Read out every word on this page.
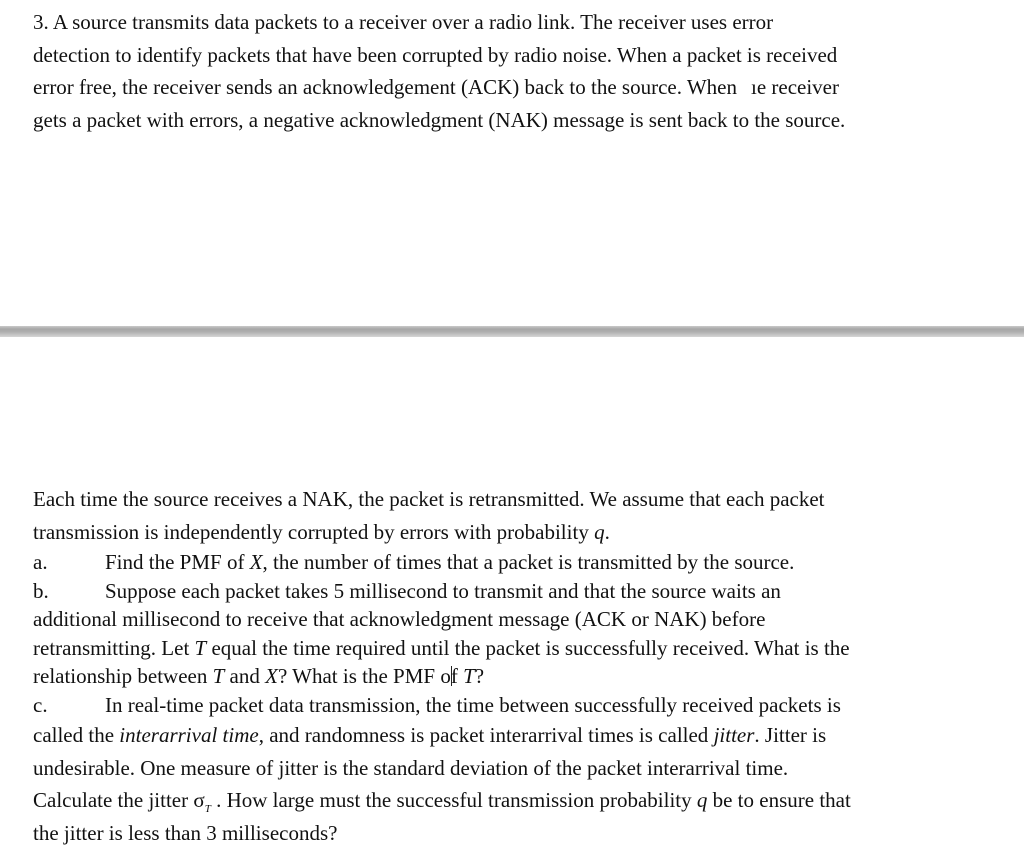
3. A source transmits data packets to a receiver over a radio link. The receiver uses error
detection to identify packets that have been corrupted by radio noise. When a packet is received
error free, the receiver sends an acknowledgement (ACK) back to the source. When ıe receiver
gets a packet with errors, a negative acknowledgment (NAK) message is sent back to the source.
Each time the source receives a NAK, the packet is retransmitted. We assume that each packet
transmission is independently corrupted by errors with probability q.
a.	Find the PMF of X, the number of times that a packet is transmitted by the source.
b.	Suppose each packet takes 5 millisecond to transmit and that the source waits an
additional millisecond to receive that acknowledgment message (ACK or NAK) before
retransmitting. Let T equal the time required until the packet is successfully received. What is the
relationship between T and X? What is the PMF of T?
c.	In real-time packet data transmission, the time between successfully received packets is
called the interarrival time, and randomness is packet interarrival times is called jitter. Jitter is
undesirable. One measure of jitter is the standard deviation of the packet interarrival time.
Calculate the jitter $\sigma_T$ . How large must the successful transmission probability q be to ensure that
the jitter is less than 3 milliseconds?
